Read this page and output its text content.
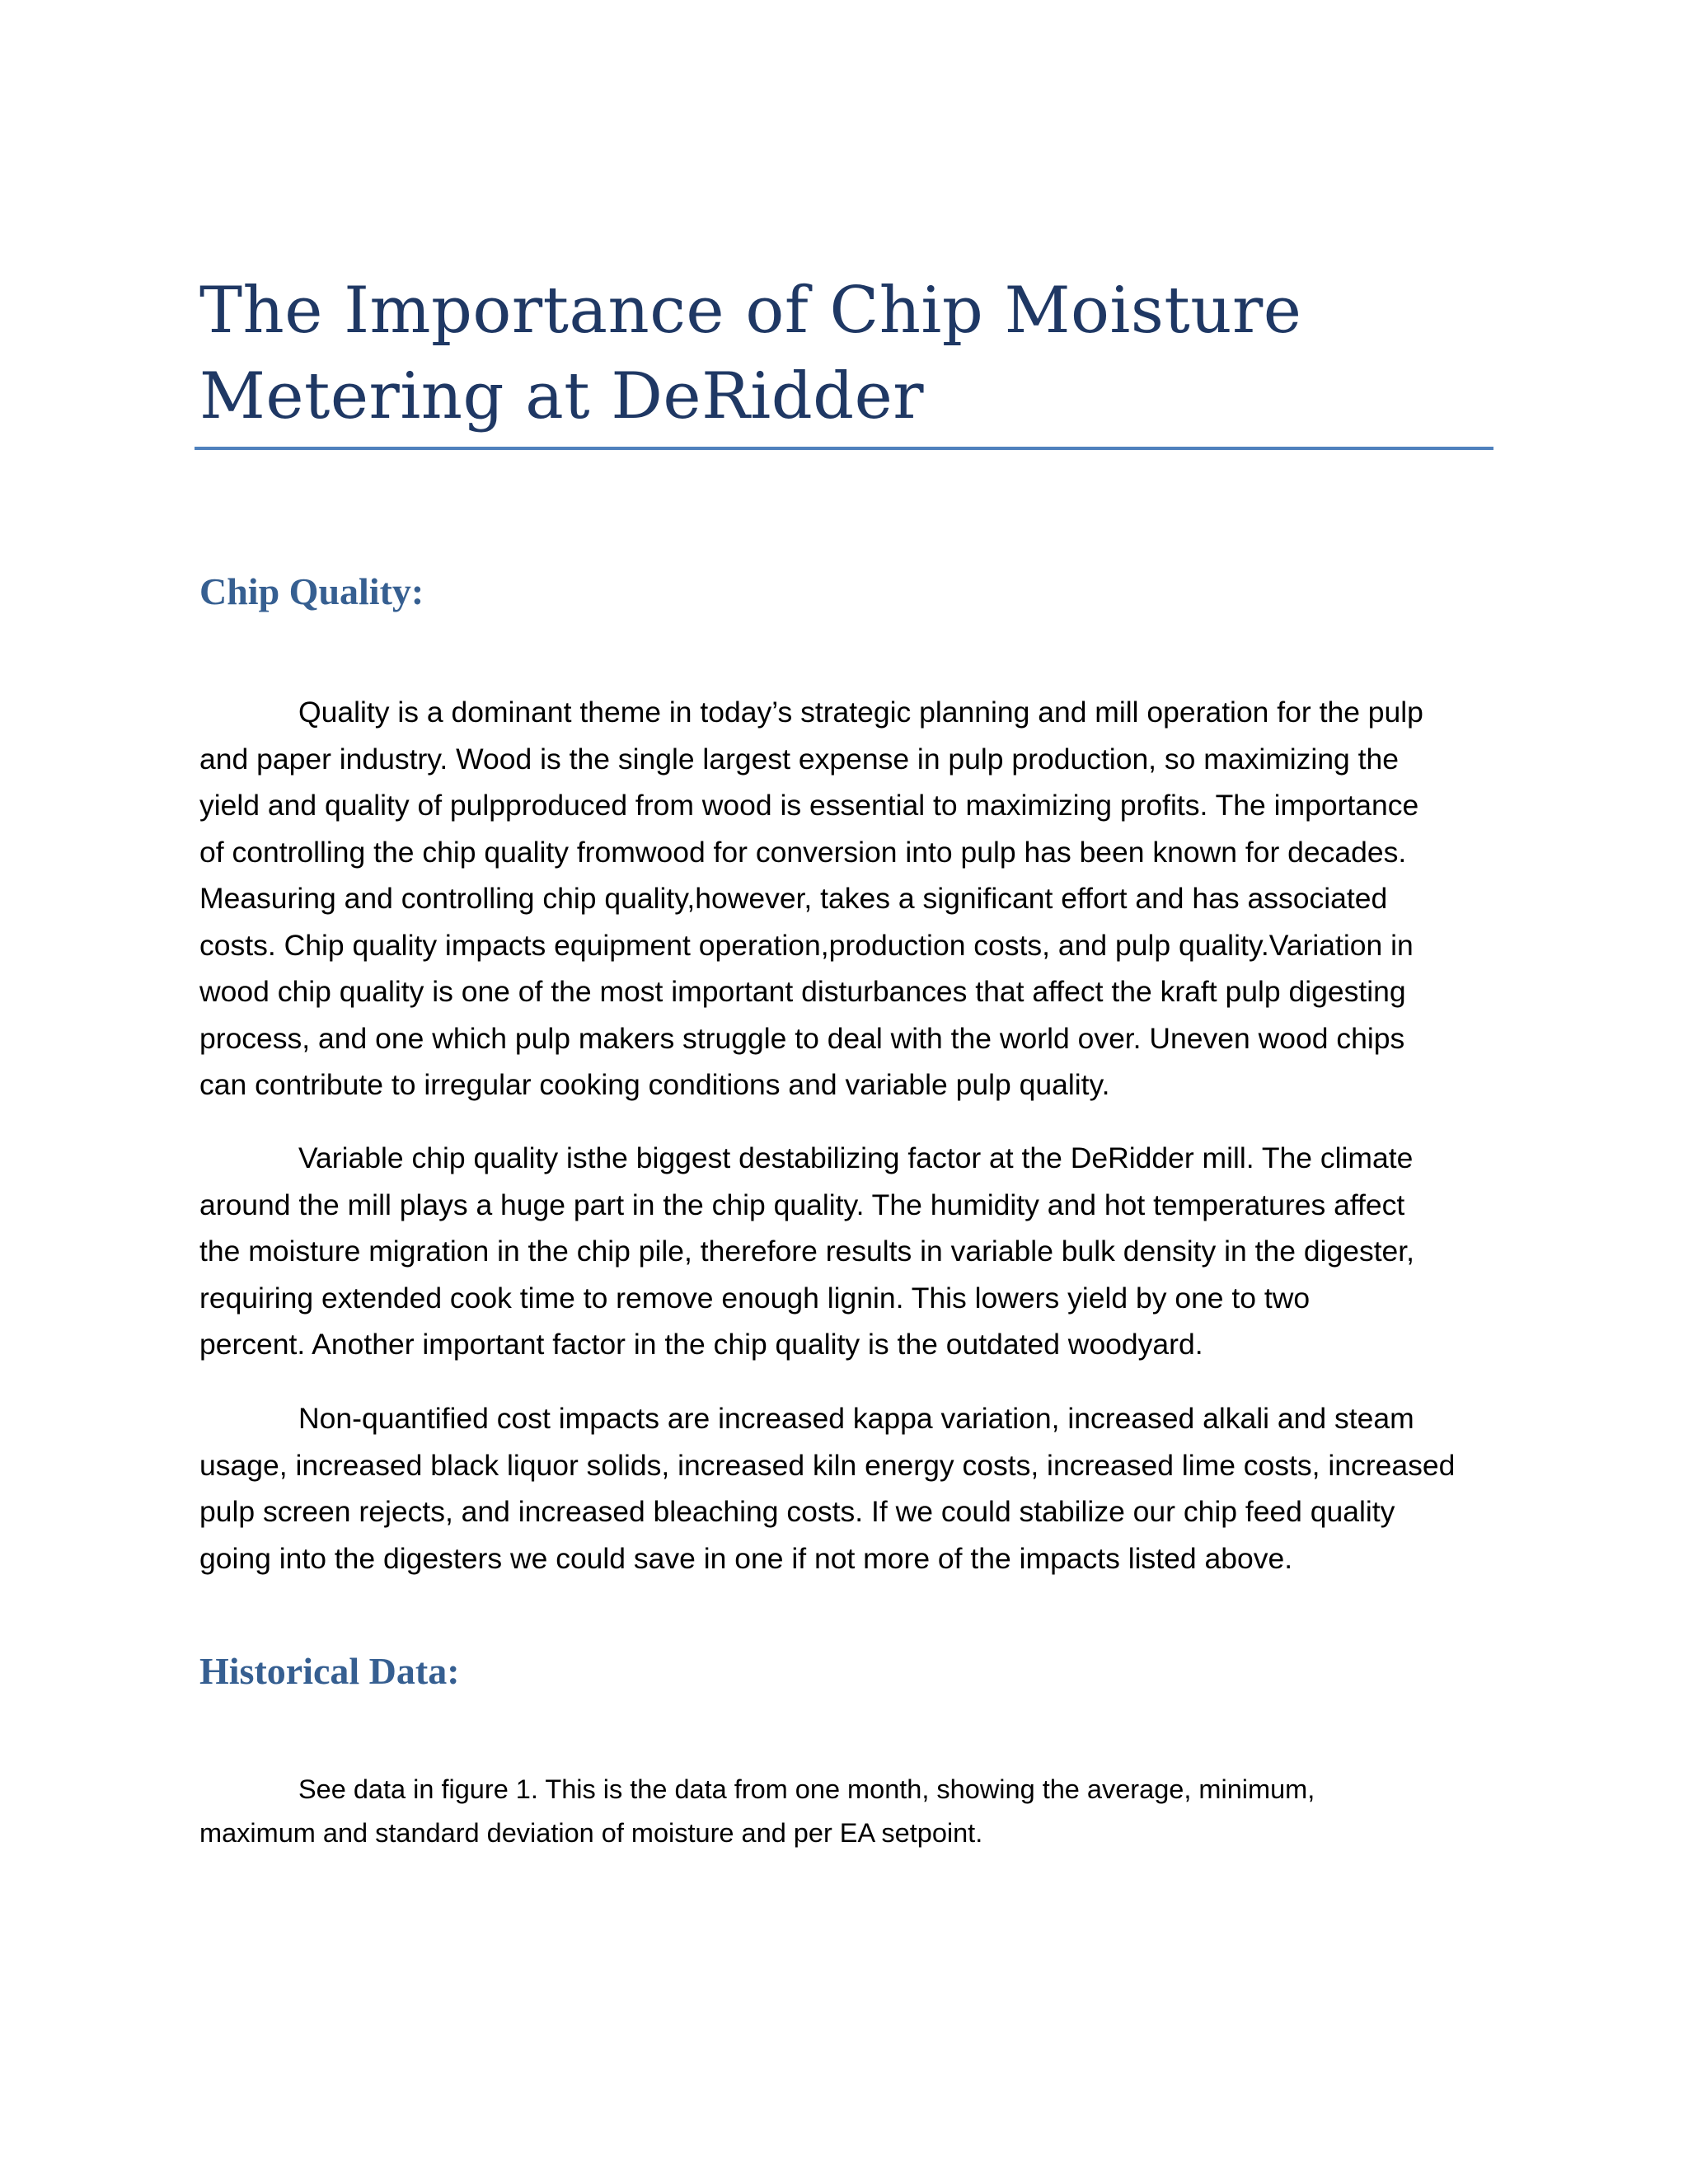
The Importance of Chip Moisture
Metering at DeRidder
Chip Quality:
Quality is a dominant theme in today’s strategic planning and mill operation for the pulp
and paper industry. Wood is the single largest expense in pulp production, so maximizing the
yield and quality of pulpproduced from wood is essential to maximizing profits. The importance
of controlling the chip quality fromwood for conversion into pulp has been known for decades.
Measuring and controlling chip quality,however, takes a significant effort and has associated
costs. Chip quality impacts equipment operation,production costs, and pulp quality.Variation in
wood chip quality is one of the most important disturbances that affect the kraft pulp digesting
process, and one which pulp makers struggle to deal with the world over. Uneven wood chips
can contribute to irregular cooking conditions and variable pulp quality.
Variable chip quality isthe biggest destabilizing factor at the DeRidder mill. The climate
around the mill plays a huge part in the chip quality. The humidity and hot temperatures affect
the moisture migration in the chip pile, therefore results in variable bulk density in the digester,
requiring extended cook time to remove enough lignin. This lowers yield by one to two
percent. Another important factor in the chip quality is the outdated woodyard.
Non-quantified cost impacts are increased kappa variation, increased alkali and steam
usage, increased black liquor solids, increased kiln energy costs, increased lime costs, increased
pulp screen rejects, and increased bleaching costs. If we could stabilize our chip feed quality
going into the digesters we could save in one if not more of the impacts listed above.
Historical Data:
See data in figure 1. This is the data from one month, showing the average, minimum,
maximum and standard deviation of moisture and per EA setpoint.
